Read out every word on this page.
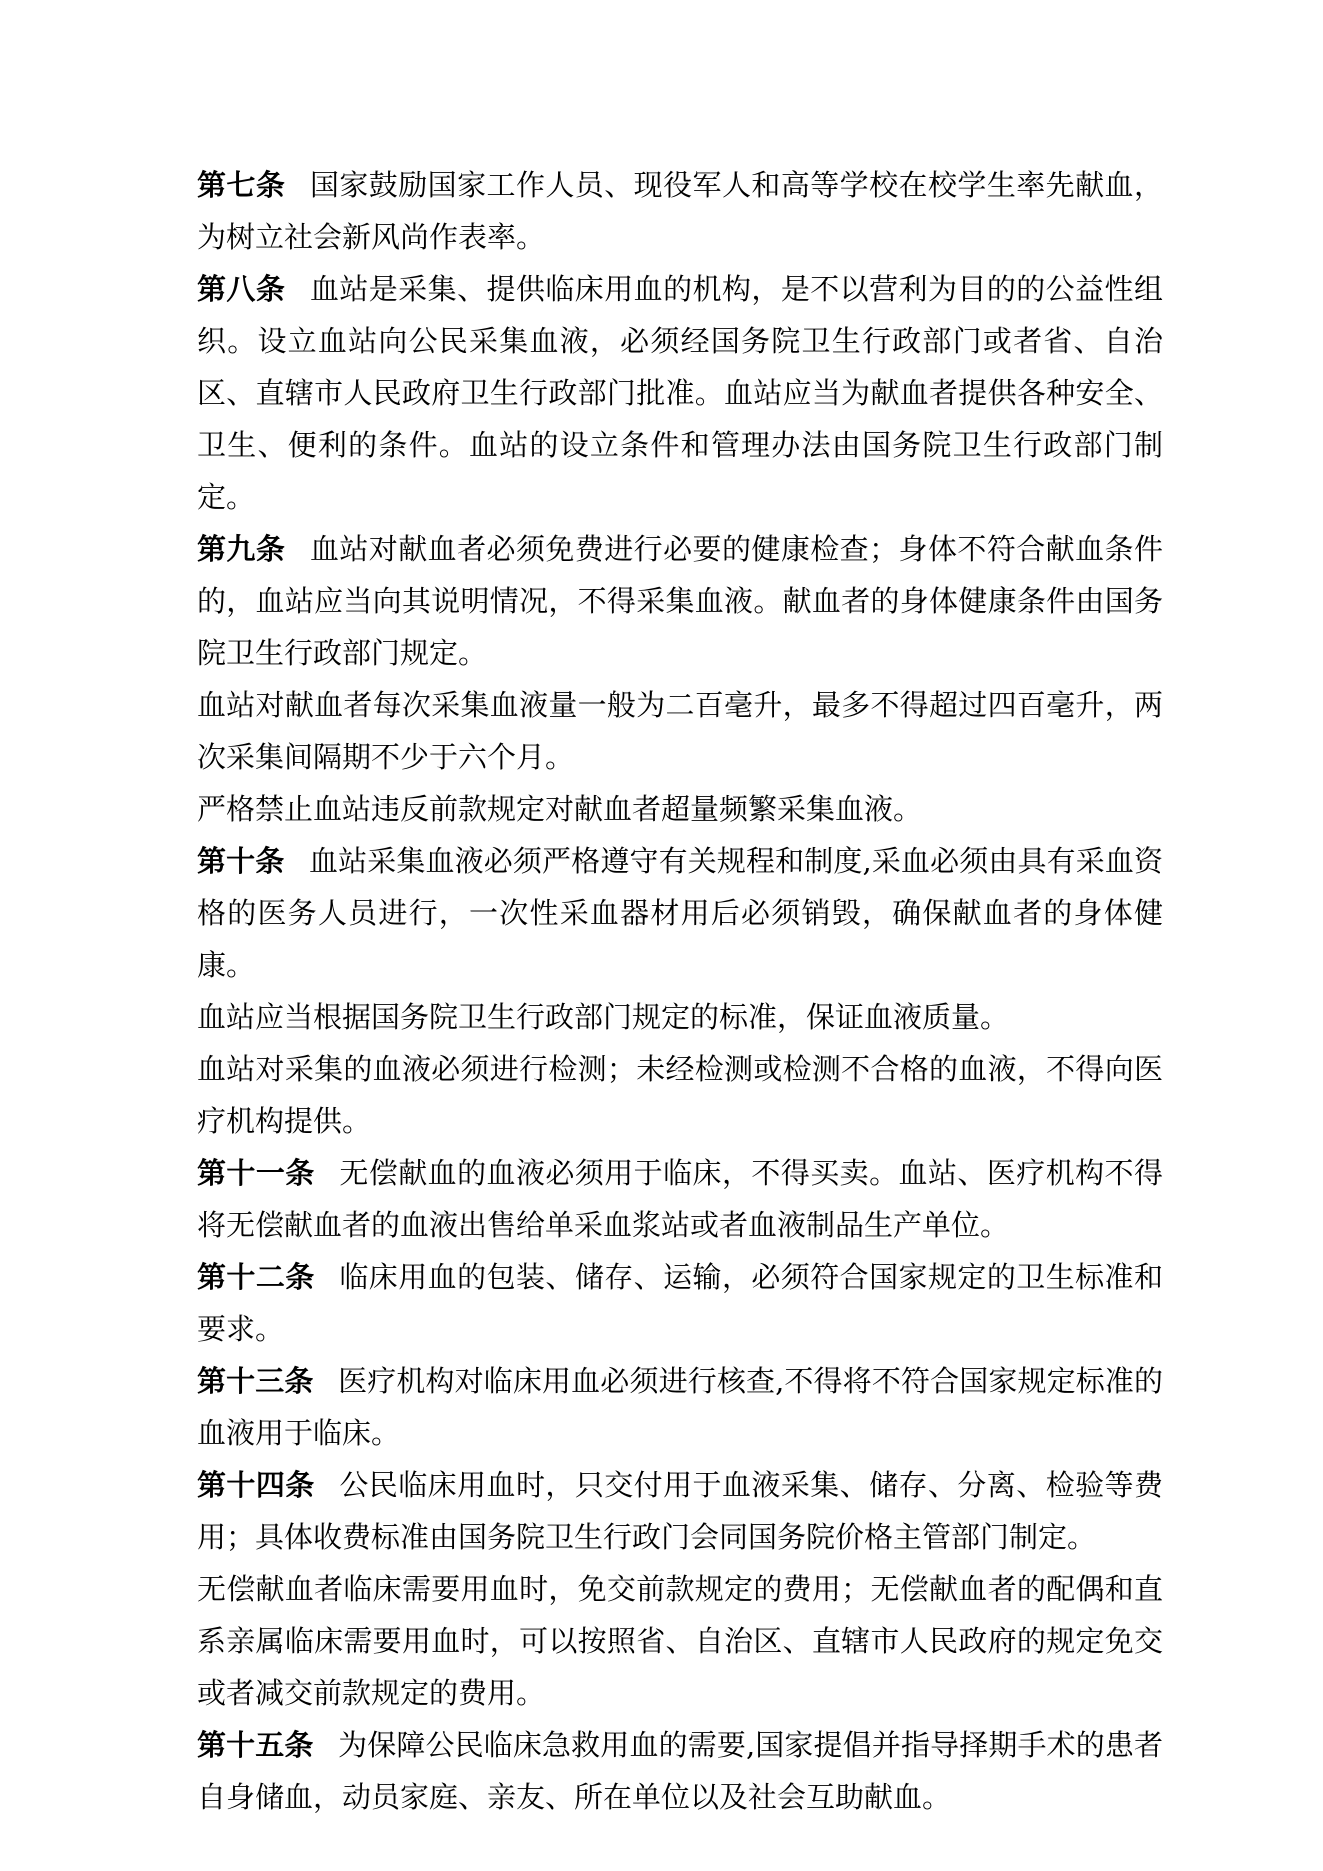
第七条 国家鼓励国家工作人员、现役军人和高等学校在校学生率先献血，为树立社会新风尚作表率。

第八条 血站是采集、提供临床用血的机构，是不以营利为目的的公益性组织。设立血站向公民采集血液，必须经国务院卫生行政部门或者省、自治区、直辖市人民政府卫生行政部门批准。血站应当为献血者提供各种安全、卫生、便利的条件。血站的设立条件和管理办法由国务院卫生行政部门制定。

第九条 血站对献血者必须免费进行必要的健康检查；身体不符合献血条件的，血站应当向其说明情况，不得采集血液。献血者的身体健康条件由国务院卫生行政部门规定。

血站对献血者每次采集血液量一般为二百毫升，最多不得超过四百毫升，两次采集间隔期不少于六个月。

严格禁止血站违反前款规定对献血者超量频繁采集血液。

第十条 血站采集血液必须严格遵守有关规程和制度,采血必须由具有采血资格的医务人员进行，一次性采血器材用后必须销毁，确保献血者的身体健康。

血站应当根据国务院卫生行政部门规定的标准，保证血液质量。

血站对采集的血液必须进行检测；未经检测或检测不合格的血液，不得向医疗机构提供。

第十一条 无偿献血的血液必须用于临床，不得买卖。血站、医疗机构不得将无偿献血者的血液出售给单采血浆站或者血液制品生产单位。

第十二条 临床用血的包装、储存、运输，必须符合国家规定的卫生标准和要求。

第十三条 医疗机构对临床用血必须进行核查,不得将不符合国家规定标准的血液用于临床。

第十四条 公民临床用血时，只交付用于血液采集、储存、分离、检验等费用；具体收费标准由国务院卫生行政门会同国务院价格主管部门制定。

无偿献血者临床需要用血时，免交前款规定的费用；无偿献血者的配偶和直系亲属临床需要用血时，可以按照省、自治区、直辖市人民政府的规定免交或者减交前款规定的费用。

第十五条 为保障公民临床急救用血的需要,国家提倡并指导择期手术的患者自身储血，动员家庭、亲友、所在单位以及社会互助献血。
